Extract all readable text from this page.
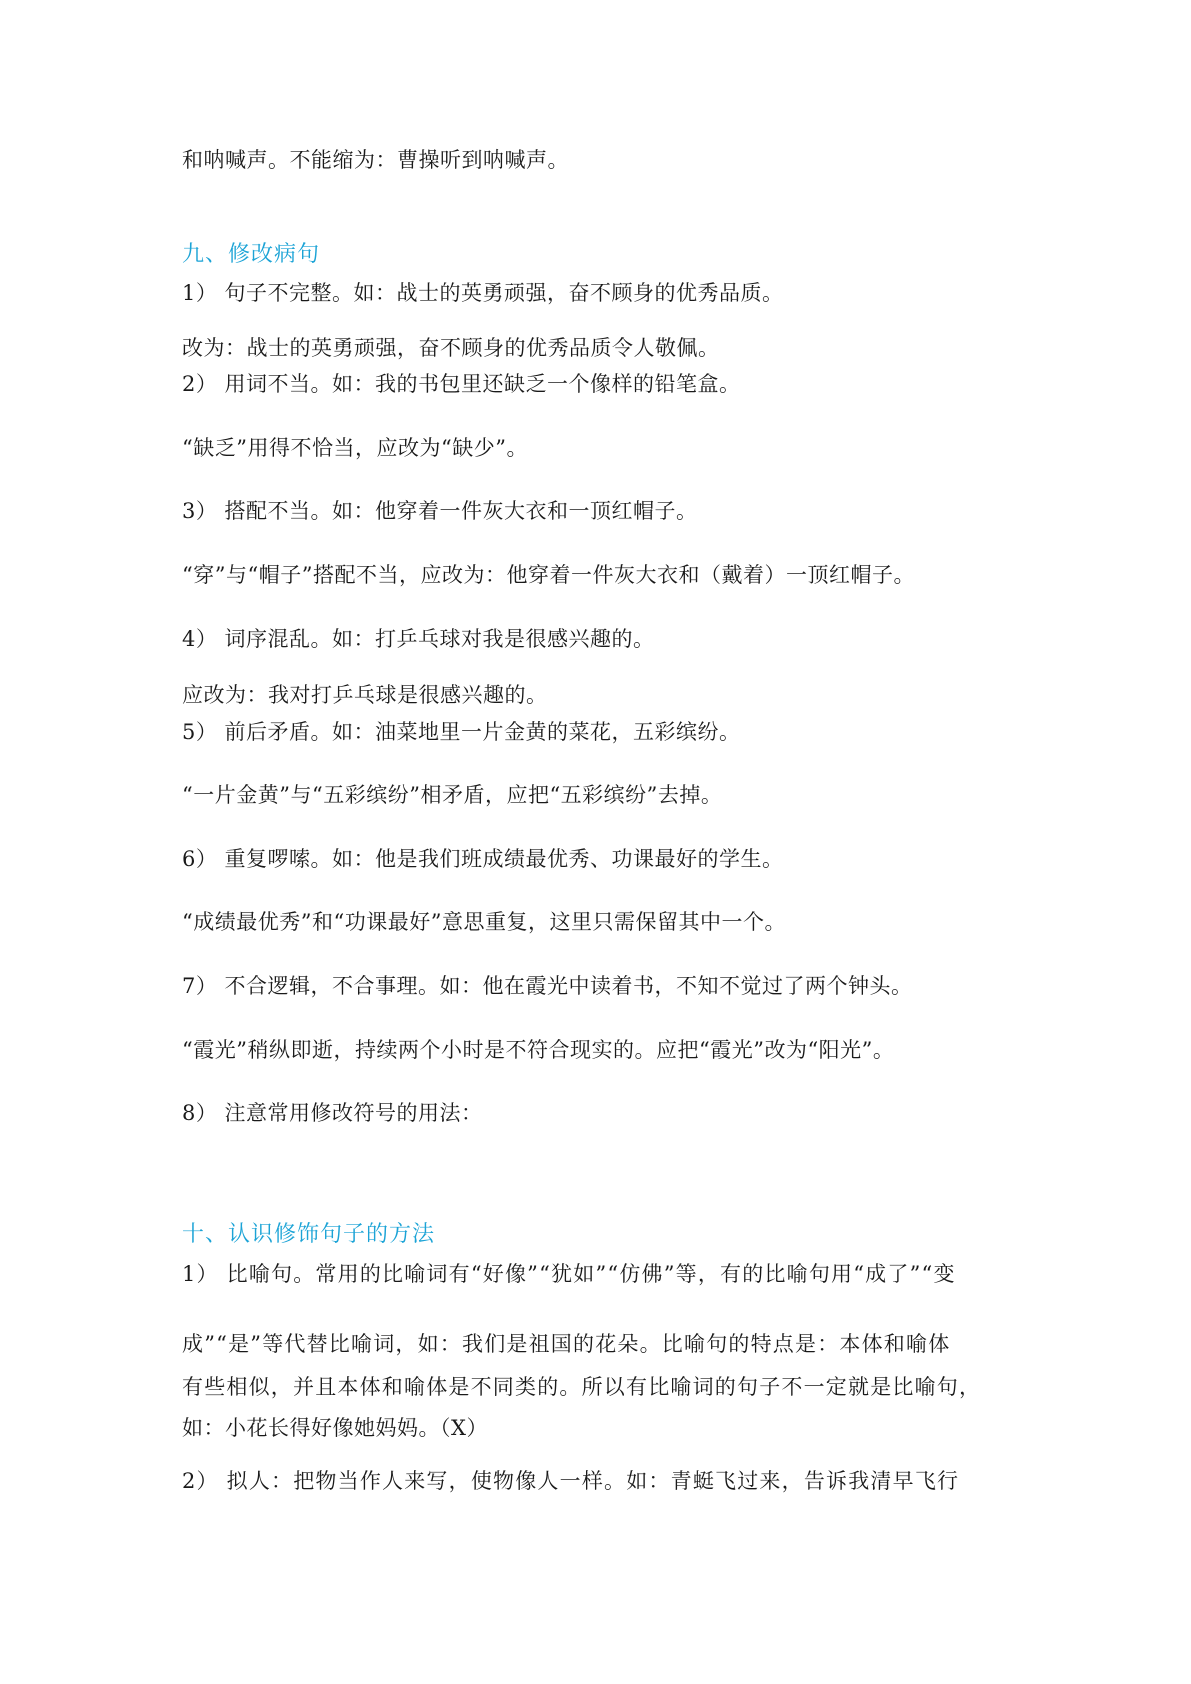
和呐喊声。不能缩为：曹操听到呐喊声。
九、修改病句
1） 句子不完整。如：战士的英勇顽强，奋不顾身的优秀品质。
改为：战士的英勇顽强，奋不顾身的优秀品质令人敬佩。
2） 用词不当。如：我的书包里还缺乏一个像样的铅笔盒。
“缺乏”用得不恰当，应改为“缺少”。
3） 搭配不当。如：他穿着一件灰大衣和一顶红帽子。
“穿”与“帽子”搭配不当，应改为：他穿着一件灰大衣和（戴着）一顶红帽子。
4） 词序混乱。如：打乒乓球对我是很感兴趣的。
应改为：我对打乒乓球是很感兴趣的。
5） 前后矛盾。如：油菜地里一片金黄的菜花，五彩缤纷。
“一片金黄”与“五彩缤纷”相矛盾，应把“五彩缤纷”去掉。
6） 重复啰嗦。如：他是我们班成绩最优秀、功课最好的学生。
“成绩最优秀”和“功课最好”意思重复，这里只需保留其中一个。
7） 不合逻辑，不合事理。如：他在霞光中读着书，不知不觉过了两个钟头。
“霞光”稍纵即逝，持续两个小时是不符合现实的。应把“霞光”改为“阳光”。
8） 注意常用修改符号的用法：
十、认识修饰句子的方法
1） 比喻句。常用的比喻词有“好像”“犹如”“仿佛”等，有的比喻句用“成了”“变
成”“是”等代替比喻词，如：我们是祖国的花朵。比喻句的特点是：本体和喻体
有些相似，并且本体和喻体是不同类的。所以有比喻词的句子不一定就是比喻句，
如：小花长得好像她妈妈。（X）
2） 拟人：把物当作人来写，使物像人一样。如：青蜓飞过来，告诉我清早飞行
